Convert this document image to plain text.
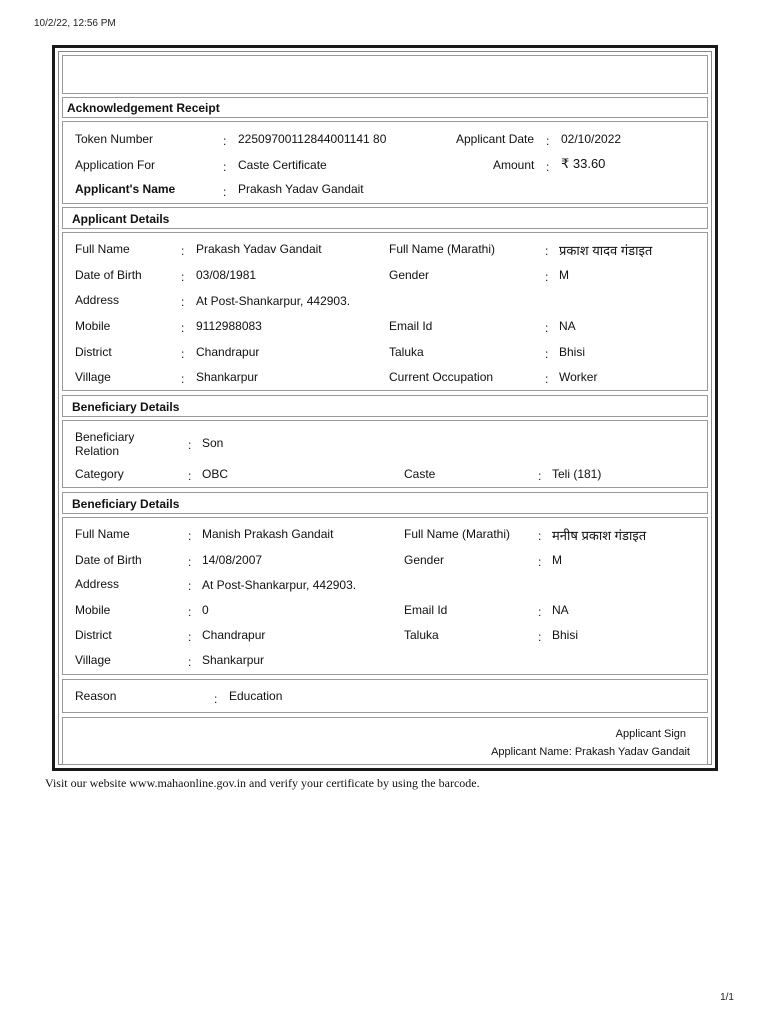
10/2/22, 12:56 PM
Acknowledgement Receipt
Token Number	: 22509700112844001141 80	Applicant Date : 02/10/2022
Application For	: Caste Certificate	Amount : ₹ 33.60
Applicant's Name	: Prakash Yadav Gandait
Applicant Details
Full Name	: Prakash Yadav Gandait	Full Name (Marathi)	: प्रकाश यादव गंडाइत
Date of Birth	: 03/08/1981	Gender	: M
Address	: At Post-Shankarpur, 442903.
Mobile	: 9112988083	Email Id	: NA
District	: Chandrapur	Taluka	: Bhisi
Village	: Shankarpur	Current Occupation	: Worker
Beneficiary Details
Beneficiary Relation	: Son
Category	: OBC	Caste	: Teli (181)
Beneficiary Details
Full Name	: Manish Prakash Gandait	Full Name (Marathi) : मनीष प्रकाश गंडाइत
Date of Birth	: 14/08/2007	Gender	: M
Address	: At Post-Shankarpur, 442903.
Mobile	: 0	Email Id	: NA
District	: Chandrapur	Taluka	: Bhisi
Village	: Shankarpur
Reason	: Education
Applicant Sign
Applicant Name: Prakash Yadav Gandait
Visit our website www.mahaonline.gov.in and verify your certificate by using the barcode.
1/1
